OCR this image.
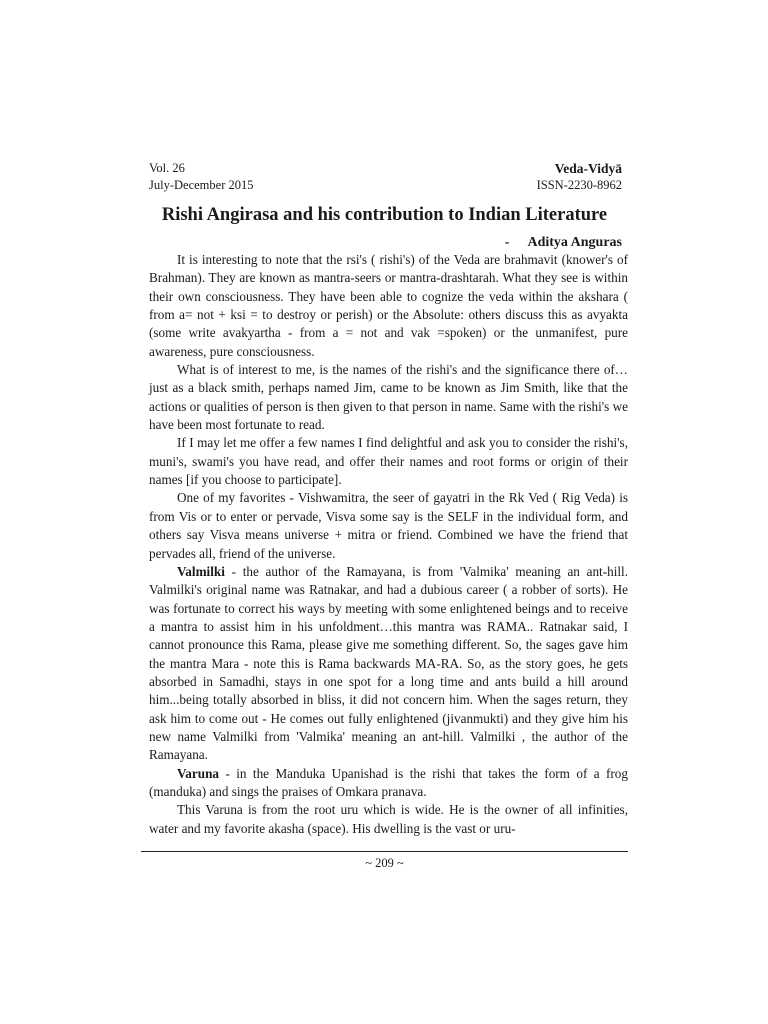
Vol. 26
July-December 2015
Veda-Vidyā
ISSN-2230-8962
Rishi Angirasa and his contribution to Indian Literature
- Aditya Anguras

It is interesting to note that the rsi's ( rishi's) of the Veda are brahmavit (knower's of Brahman). They are known as mantra-seers or mantra-drashtarah. What they see is within their own consciousness. They have been able to cognize the veda within the akshara ( from a= not + ksi = to destroy or perish) or the Absolute: others discuss this as avyakta (some write avakyartha - from a = not and vak =spoken) or the unmanifest, pure awareness, pure consciousness.

What is of interest to me, is the names of the rishi's and the significance there of… just as a black smith, perhaps named Jim, came to be known as Jim Smith, like that the actions or qualities of person is then given to that person in name. Same with the rishi's we have been most fortunate to read.

If I may let me offer a few names I find delightful and ask you to consider the rishi's, muni's, swami's you have read, and offer their names and root forms or origin of their names [if you choose to participate].

One of my favorites - Vishwamitra, the seer of gayatri in the Rk Ved ( Rig Veda) is from Vis or to enter or pervade, Visva some say is the SELF in the individual form, and others say Visva means universe + mitra or friend. Combined we have the friend that pervades all, friend of the universe.

Valmilki - the author of the Ramayana, is from 'Valmika' meaning an ant-hill. Valmilki's original name was Ratnakar, and had a dubious career ( a robber of sorts). He was fortunate to correct his ways by meeting with some enlightened beings and to receive a mantra to assist him in his unfoldment…this mantra was RAMA.. Ratnakar said, I cannot pronounce this Rama, please give me something different. So, the sages gave him the mantra Mara - note this is Rama backwards MA-RA. So, as the story goes, he gets absorbed in Samadhi, stays in one spot for a long time and ants build a hill around him...being totally absorbed in bliss, it did not concern him. When the sages return, they ask him to come out - He comes out fully enlightened (jivanmukti) and they give him his new name Valmilki from 'Valmika' meaning an ant-hill. Valmilki , the author of the Ramayana.

Varuna - in the Manduka Upanishad is the rishi that takes the form of a frog (manduka) and sings the praises of Omkara pranava.

This Varuna is from the root uru which is wide. He is the owner of all infinities, water and my favorite akasha (space). His dwelling is the vast or uru-

~ 209 ~
